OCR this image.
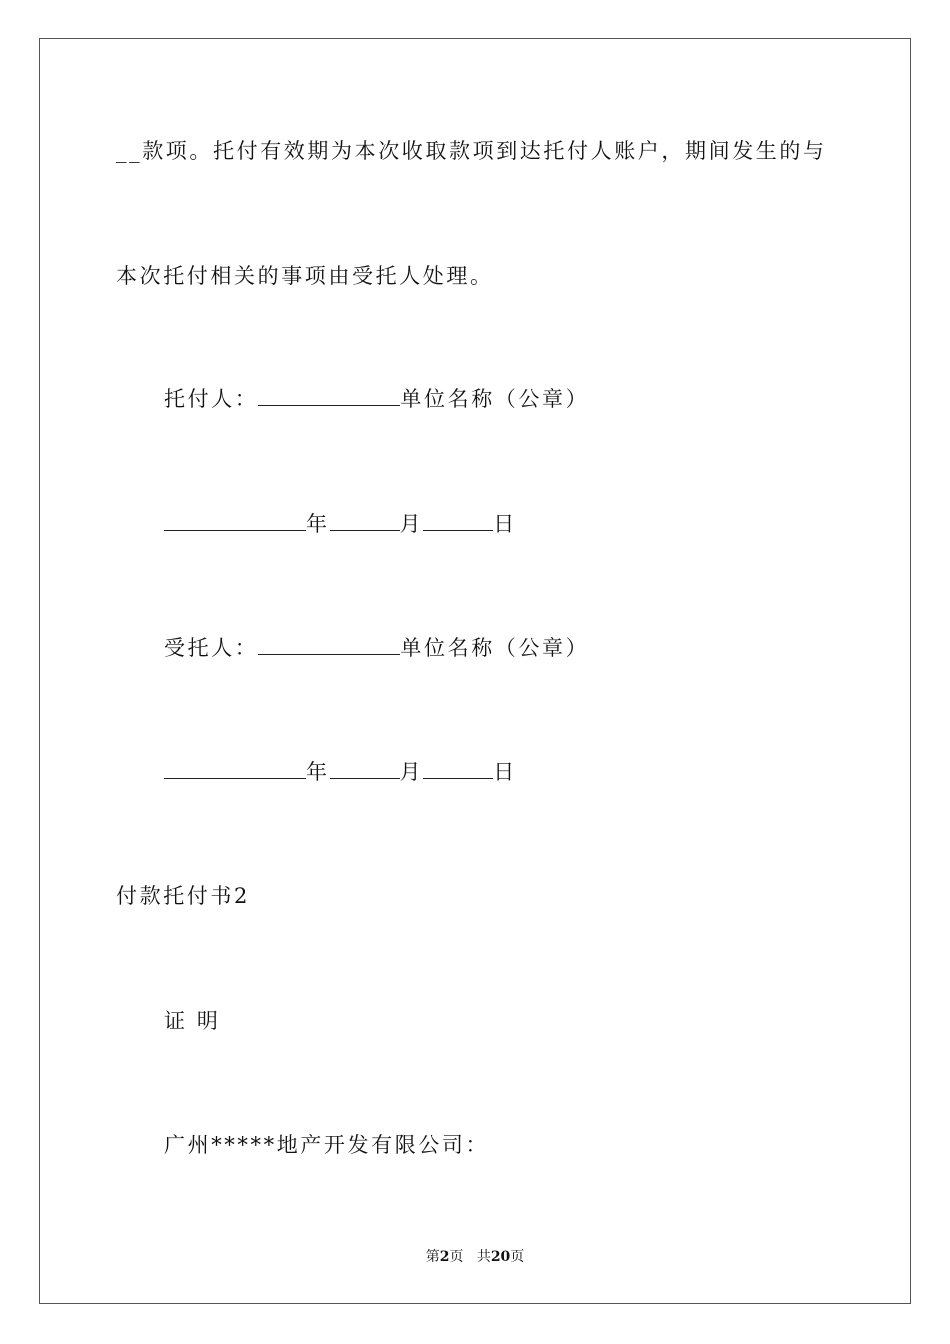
__款项。托付有效期为本次收取款项到达托付人账户，期间发生的与
本次托付相关的事项由受托人处理。
托付人：	单位名称（公章）
年	月	日
受托人：	单位名称（公章）
年	月	日
付款托付书2
证 明
广州*****地产开发有限公司：
第2页 共20页
